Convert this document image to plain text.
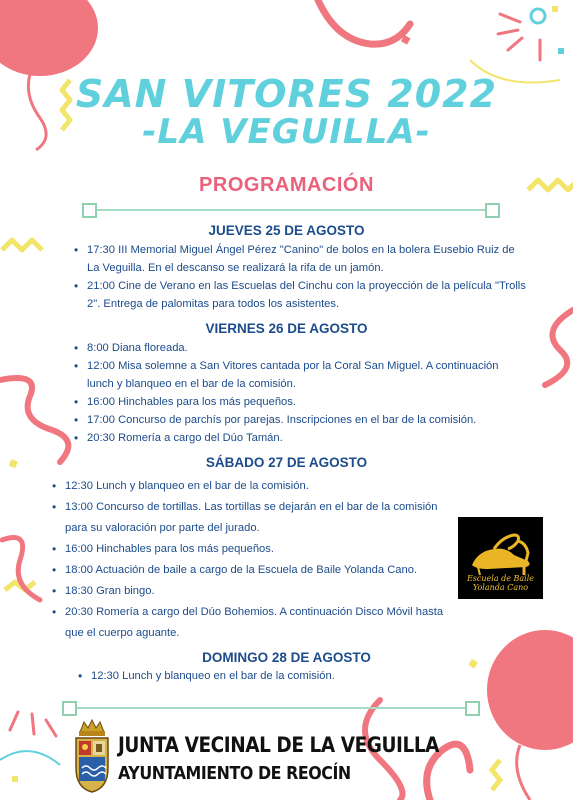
SAN VITORES 2022
-LA VEGUILLA-
PROGRAMACIÓN
JUEVES 25 DE AGOSTO
• 17:30 III Memorial Miguel Ángel Pérez "Canino" de bolos en la bolera Eusebio Ruiz de La Veguilla. En el descanso se realizará la rifa de un jamón.
• 21:00 Cine de Verano en las Escuelas del Cinchu con la proyección de la película "Trolls 2". Entrega de palomitas para todos los asistentes.
VIERNES 26 DE AGOSTO
• 8:00 Diana floreada.
• 12:00 Misa solemne a San Vitores cantada por la Coral San Miguel. A continuación lunch y blanqueo en el bar de la comisión.
• 16:00 Hinchables para los más pequeños.
• 17:00 Concurso de parchís por parejas. Inscripciones en el bar de la comisión.
• 20:30 Romería a cargo del Dúo Tamán.
SÁBADO 27 DE AGOSTO
• 12:30 Lunch y blanqueo en el bar de la comisión.
• 13:00 Concurso de tortillas. Las tortillas se dejarán en el bar de la comisión para su valoración por parte del jurado.
• 16:00 Hinchables para los más pequeños.
• 18:00 Actuación de baile a cargo de la Escuela de Baile Yolanda Cano.
• 18:30 Gran bingo.
• 20:30 Romería a cargo del Dúo Bohemios. A continuación Disco Móvil hasta que el cuerpo aguante.
Escuela de Baile
Yolanda Cano
DOMINGO 28 DE AGOSTO
• 12:30 Lunch y blanqueo en el bar de la comisión.
JUNTA VECINAL DE LA VEGUILLA
AYUNTAMIENTO DE REOCÍN
